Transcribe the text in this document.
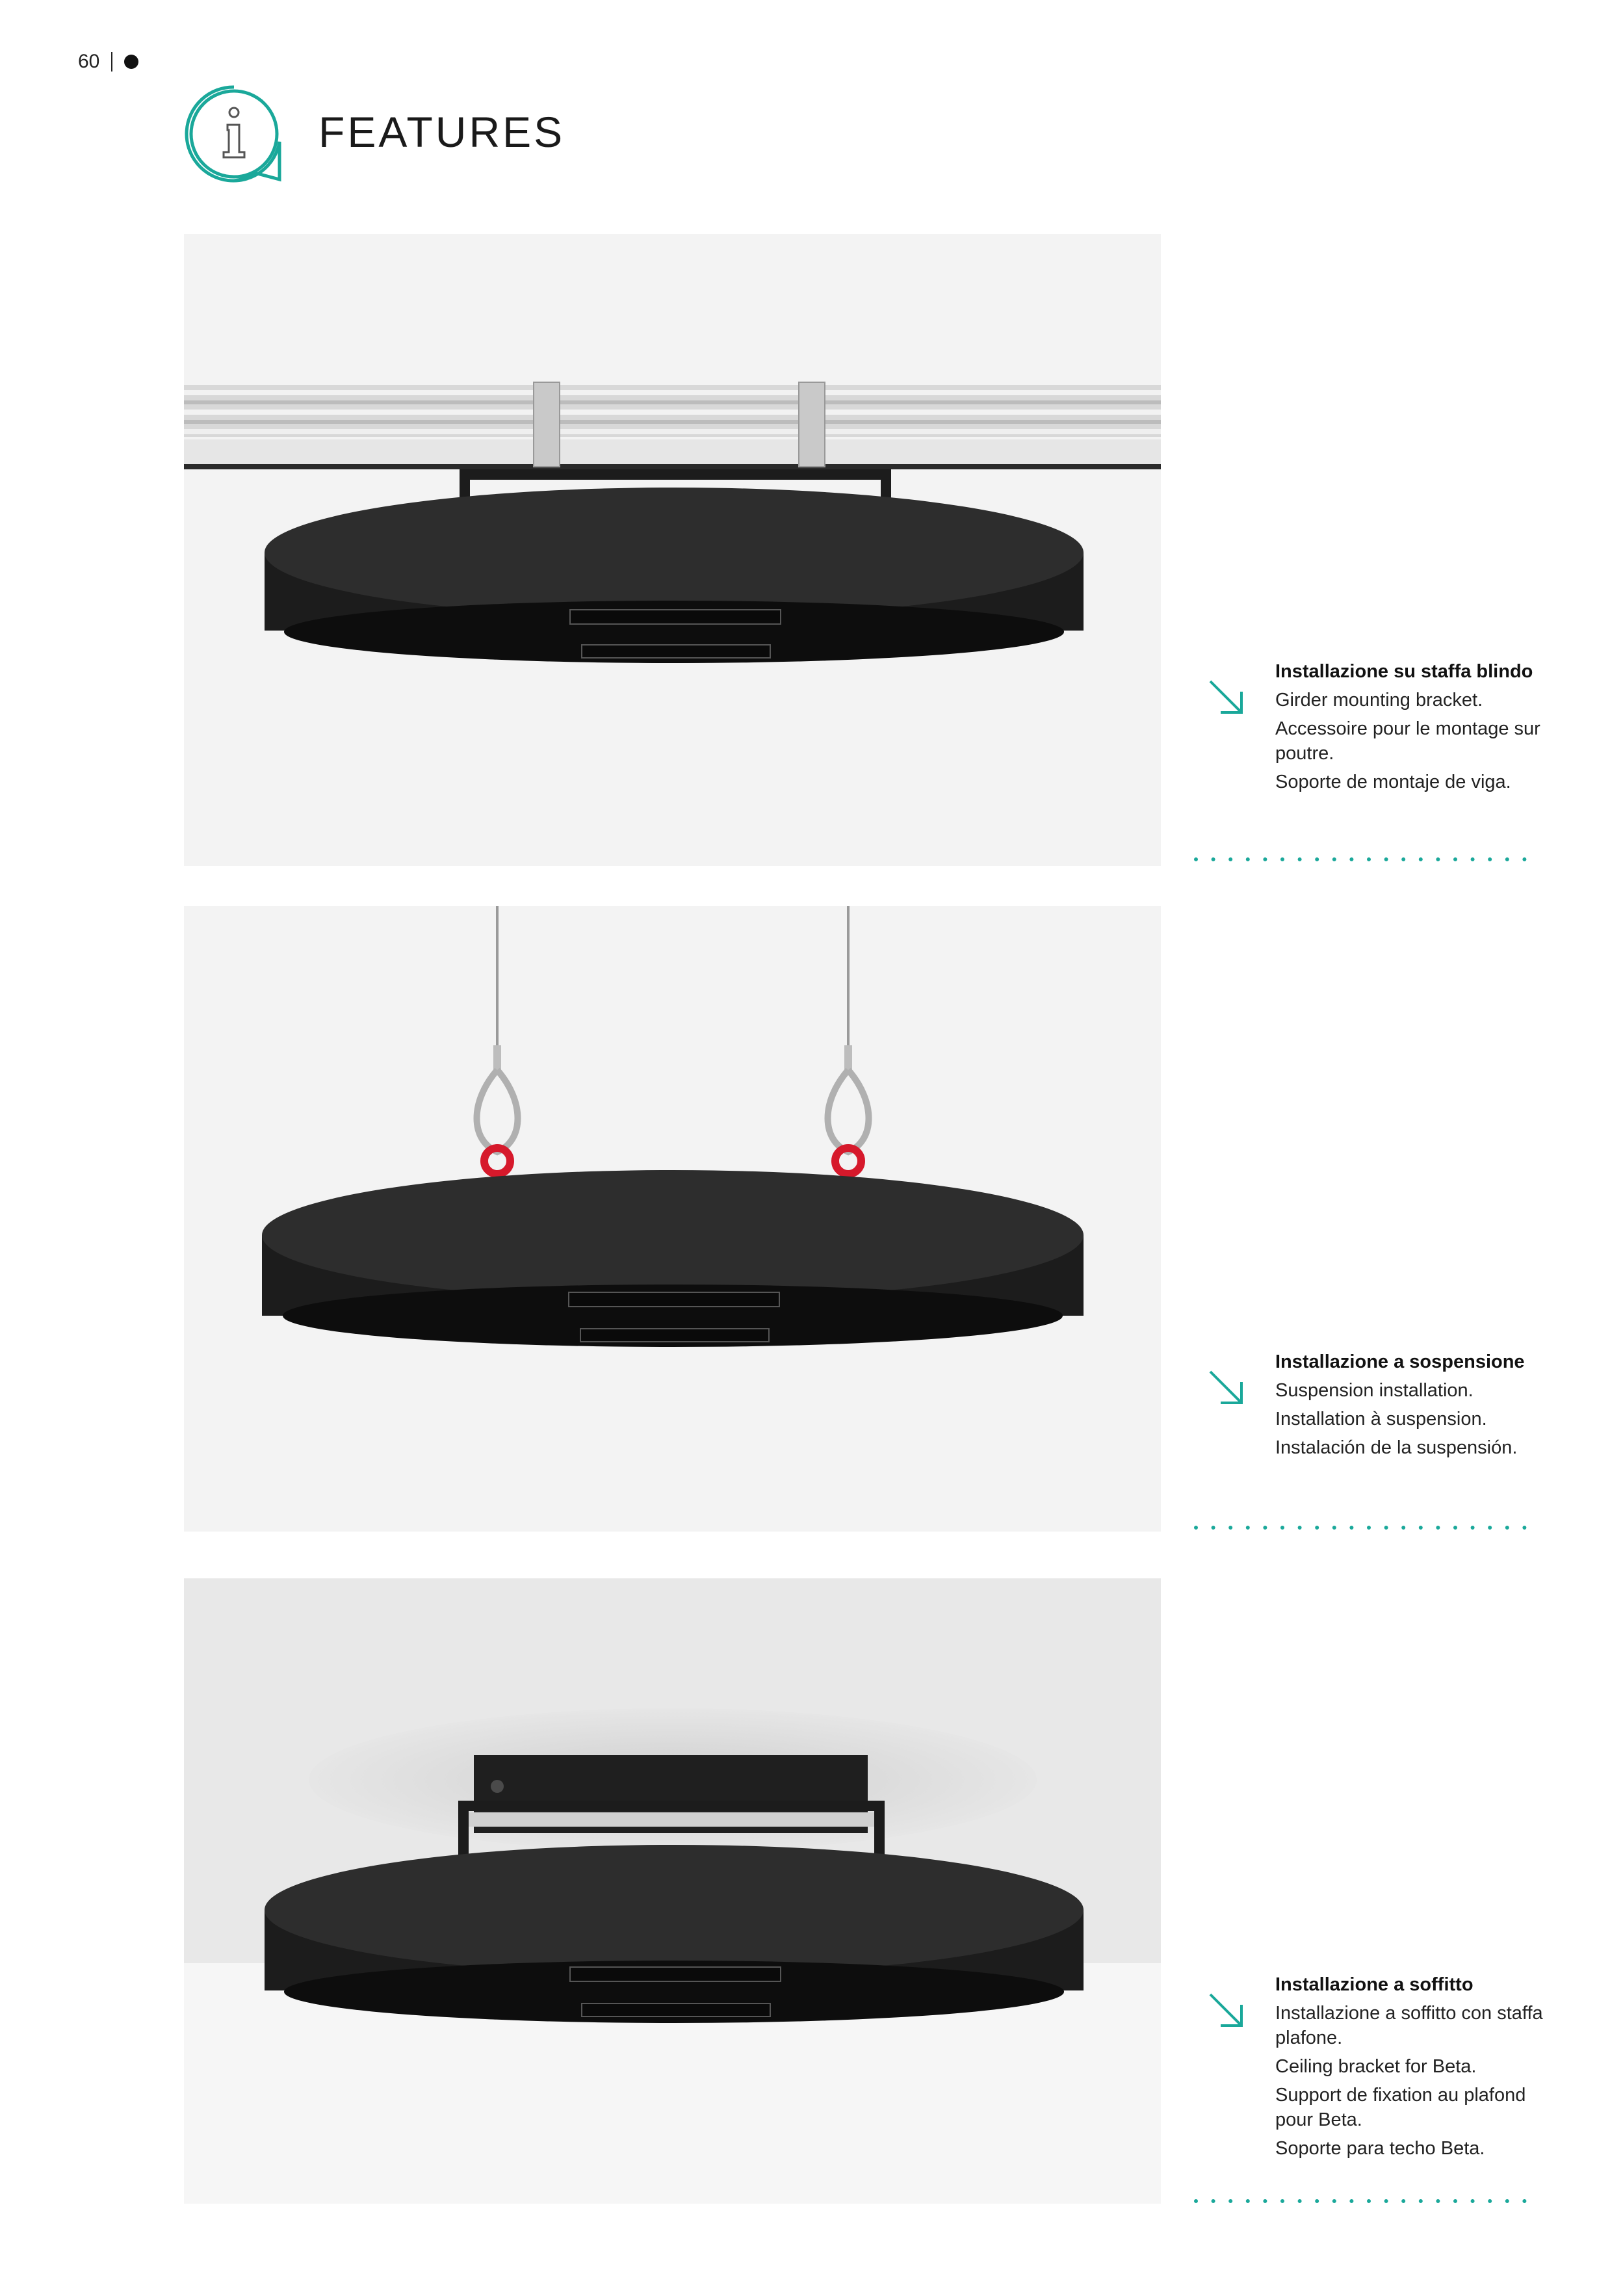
60
FEATURES
Installazione su staffa blindo
Girder mounting bracket.
Accessoire pour le montage sur poutre.
Soporte de montaje de viga.
Installazione a sospensione
Suspension installation.
Installation à suspension.
Instalación de la suspensión.
Installazione a soffitto
Installazione a soffitto con staffa plafone.
Ceiling bracket for Beta.
Support de fixation au plafond pour Beta.
Soporte para techo Beta.
